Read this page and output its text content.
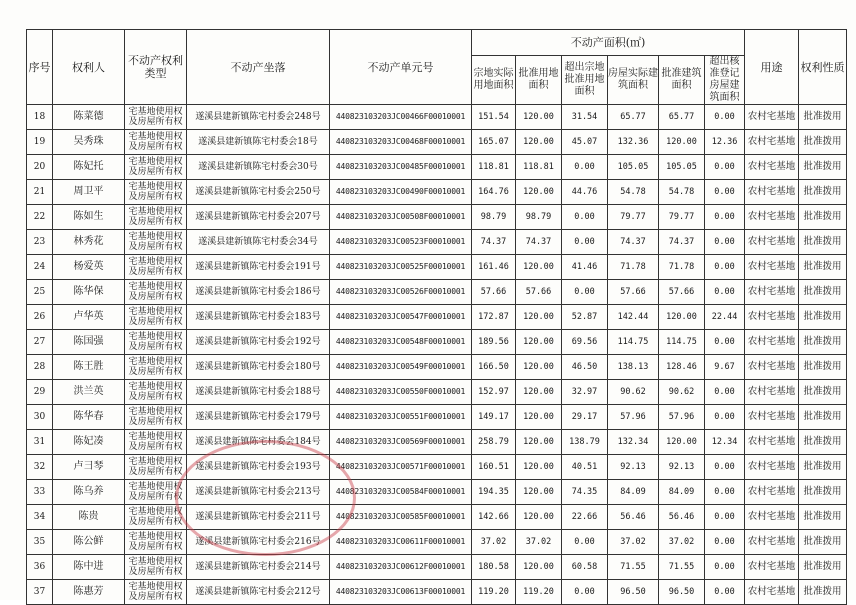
序号	权利人	不动产权利类型	不动产坐落	不动产单元号	不动产面积(㎡)						用途	权利性质
					宗地实际用地面积	批准用地面积	超出宗地批准用地面积	房屋实际建筑面积	批准建筑面积	超出核准登记房屋建筑面积		
18	陈菜德	宅基地使用权及房屋所有权	遂溪县建新镇陈宅村委会248号	440823103203JC00466F00010001	151.54	120.00	31.54	65.77	65.77	0.00	农村宅基地	批准拨用
19	吴秀珠	宅基地使用权及房屋所有权	遂溪县建新镇陈宅村委会18号	440823103203JC00468F00010001	165.07	120.00	45.07	132.36	120.00	12.36	农村宅基地	批准拨用
20	陈妃托	宅基地使用权及房屋所有权	遂溪县建新镇陈宅村委会30号	440823103203JC00485F00010001	118.81	118.81	0.00	105.05	105.05	0.00	农村宅基地	批准拨用
21	周卫平	宅基地使用权及房屋所有权	遂溪县建新镇陈宅村委会250号	440823103203JC00490F00010001	164.76	120.00	44.76	54.78	54.78	0.00	农村宅基地	批准拨用
22	陈如生	宅基地使用权及房屋所有权	遂溪县建新镇陈宅村委会207号	440823103203JC00508F00010001	98.79	98.79	0.00	79.77	79.77	0.00	农村宅基地	批准拨用
23	林秀花	宅基地使用权及房屋所有权	遂溪县建新镇陈宅村委会34号	440823103203JC00523F00010001	74.37	74.37	0.00	74.37	74.37	0.00	农村宅基地	批准拨用
24	杨爱英	宅基地使用权及房屋所有权	遂溪县建新镇陈宅村委会191号	440823103203JC00525F00010001	161.46	120.00	41.46	71.78	71.78	0.00	农村宅基地	批准拨用
25	陈华保	宅基地使用权及房屋所有权	遂溪县建新镇陈宅村委会186号	440823103203JC00526F00010001	57.66	57.66	0.00	57.66	57.66	0.00	农村宅基地	批准拨用
26	卢华英	宅基地使用权及房屋所有权	遂溪县建新镇陈宅村委会183号	440823103203JC00547F00010001	172.87	120.00	52.87	142.44	120.00	22.44	农村宅基地	批准拨用
27	陈国强	宅基地使用权及房屋所有权	遂溪县建新镇陈宅村委会192号	440823103203JC00548F00010001	189.56	120.00	69.56	114.75	114.75	0.00	农村宅基地	批准拨用
28	陈王胜	宅基地使用权及房屋所有权	遂溪县建新镇陈宅村委会180号	440823103203JC00549F00010001	166.50	120.00	46.50	138.13	128.46	9.67	农村宅基地	批准拨用
29	洪兰英	宅基地使用权及房屋所有权	遂溪县建新镇陈宅村委会188号	440823103203JC00550F00010001	152.97	120.00	32.97	90.62	90.62	0.00	农村宅基地	批准拨用
30	陈华春	宅基地使用权及房屋所有权	遂溪县建新镇陈宅村委会179号	440823103203JC00551F00010001	149.17	120.00	29.17	57.96	57.96	0.00	农村宅基地	批准拨用
31	陈妃凑	宅基地使用权及房屋所有权	遂溪县建新镇陈宅村委会184号	440823103203JC00569F00010001	258.79	120.00	138.79	132.34	120.00	12.34	农村宅基地	批准拨用
32	卢彐琴	宅基地使用权及房屋所有权	遂溪县建新镇陈宅村委会193号	440823103203JC00571F00010001	160.51	120.00	40.51	92.13	92.13	0.00	农村宅基地	批准拨用
33	陈乌养	宅基地使用权及房屋所有权	遂溪县建新镇陈宅村委会213号	440823103203JC00584F00010001	194.35	120.00	74.35	84.09	84.09	0.00	农村宅基地	批准拨用
34	陈贵	宅基地使用权及房屋所有权	遂溪县建新镇陈宅村委会211号	440823103203JC00585F00010001	142.66	120.00	22.66	56.46	56.46	0.00	农村宅基地	批准拨用
35	陈公鲜	宅基地使用权及房屋所有权	遂溪县建新镇陈宅村委会216号	440823103203JC00611F00010001	37.02	37.02	0.00	37.02	37.02	0.00	农村宅基地	批准拨用
36	陈中进	宅基地使用权及房屋所有权	遂溪县建新镇陈宅村委会214号	440823103203JC00612F00010001	180.58	120.00	60.58	71.55	71.55	0.00	农村宅基地	批准拨用
37	陈惠芳	宅基地使用权及房屋所有权	遂溪县建新镇陈宅村委会212号	440823103203JC00613F00010001	119.20	119.20	0.00	96.50	96.50	0.00	农村宅基地	批准拨用
